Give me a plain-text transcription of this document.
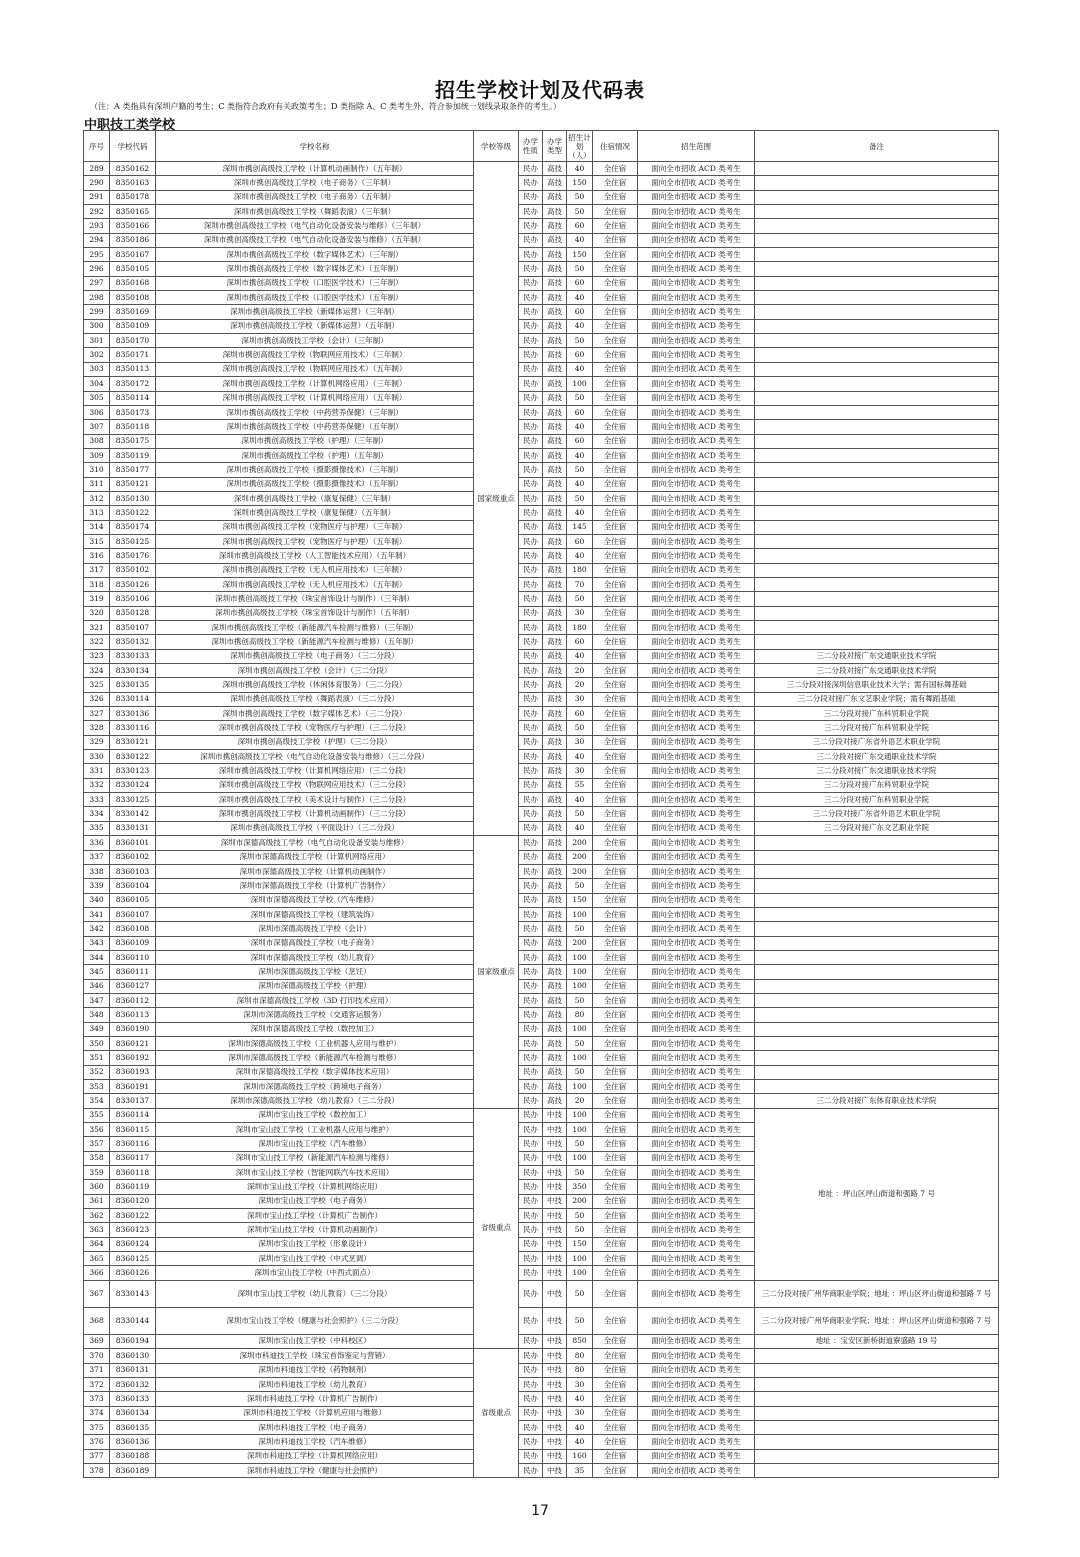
招生学校计划及代码表
（注：A 类指具有深圳户籍的考生；C 类指符合政府有关政策考生；D 类指除 A、C 类考生外，符合参加统一划线录取条件的考生。）
中职技工类学校
序号	学校代码	学校名称	学校等级	办学性质	办学类型	招生计划（人）	住宿情况	招生范围	备注
289	8350162	深圳市携创高级技工学校（计算机动画制作）（五年制）	国家级重点	民办	高技	40	全住宿	面向全市招收 ACD 类考生	
290	8350163	深圳市携创高级技工学校（电子商务）（三年制）		民办	高技	150	全住宿	面向全市招收 ACD 类考生	
291	8350178	深圳市携创高级技工学校（电子商务）（五年制）		民办	高技	50	全住宿	面向全市招收 ACD 类考生	
292	8350165	深圳市携创高级技工学校（舞蹈表演）（三年制）		民办	高技	50	全住宿	面向全市招收 ACD 类考生	
293	8350166	深圳市携创高级技工学校（电气自动化设备安装与维修）（三年制）		民办	高技	60	全住宿	面向全市招收 ACD 类考生	
294	8350186	深圳市携创高级技工学校（电气自动化设备安装与维修）（五年制）		民办	高技	40	全住宿	面向全市招收 ACD 类考生	
295	8350167	深圳市携创高级技工学校（数字媒体艺术）（三年制）		民办	高技	150	全住宿	面向全市招收 ACD 类考生	
296	8350105	深圳市携创高级技工学校（数字媒体艺术）（五年制）		民办	高技	50	全住宿	面向全市招收 ACD 类考生	
297	8350168	深圳市携创高级技工学校（口腔医学技术）（三年制）		民办	高技	60	全住宿	面向全市招收 ACD 类考生	
298	8350108	深圳市携创高级技工学校（口腔医学技术）（五年制）		民办	高技	40	全住宿	面向全市招收 ACD 类考生	
299	8350169	深圳市携创高级技工学校（新媒体运营）（三年制）		民办	高技	60	全住宿	面向全市招收 ACD 类考生	
300	8350109	深圳市携创高级技工学校（新媒体运营）（五年制）		民办	高技	40	全住宿	面向全市招收 ACD 类考生	
301	8350170	深圳市携创高级技工学校（会计）（三年制）		民办	高技	50	全住宿	面向全市招收 ACD 类考生	
302	8350171	深圳市携创高级技工学校（物联网应用技术）（三年制）		民办	高技	60	全住宿	面向全市招收 ACD 类考生	
303	8350113	深圳市携创高级技工学校（物联网应用技术）（五年制）		民办	高技	40	全住宿	面向全市招收 ACD 类考生	
304	8350172	深圳市携创高级技工学校（计算机网络应用）（三年制）		民办	高技	100	全住宿	面向全市招收 ACD 类考生	
305	8350114	深圳市携创高级技工学校（计算机网络应用）（五年制）		民办	高技	50	全住宿	面向全市招收 ACD 类考生	
306	8350173	深圳市携创高级技工学校（中药营养保健）（三年制）		民办	高技	60	全住宿	面向全市招收 ACD 类考生	
307	8350118	深圳市携创高级技工学校（中药营养保健）（五年制）		民办	高技	40	全住宿	面向全市招收 ACD 类考生	
308	8350175	深圳市携创高级技工学校（护理）（三年制）		民办	高技	60	全住宿	面向全市招收 ACD 类考生	
309	8350119	深圳市携创高级技工学校（护理）（五年制）		民办	高技	40	全住宿	面向全市招收 ACD 类考生	
310	8350177	深圳市携创高级技工学校（摄影摄像技术）（三年制）		民办	高技	50	全住宿	面向全市招收 ACD 类考生	
311	8350121	深圳市携创高级技工学校（摄影摄像技术）（五年制）		民办	高技	40	全住宿	面向全市招收 ACD 类考生	
312	8350130	深圳市携创高级技工学校（康复保健）（三年制）		民办	高技	50	全住宿	面向全市招收 ACD 类考生	
313	8350122	深圳市携创高级技工学校（康复保健）（五年制）		民办	高技	40	全住宿	面向全市招收 ACD 类考生	
314	8350174	深圳市携创高级技工学校（宠物医疗与护理）（三年制）		民办	高技	145	全住宿	面向全市招收 ACD 类考生	
315	8350125	深圳市携创高级技工学校（宠物医疗与护理）（五年制）		民办	高技	60	全住宿	面向全市招收 ACD 类考生	
316	8350176	深圳市携创高级技工学校（人工智能技术应用）（五年制）		民办	高技	40	全住宿	面向全市招收 ACD 类考生	
317	8350102	深圳市携创高级技工学校（无人机应用技术）（三年制）		民办	高技	180	全住宿	面向全市招收 ACD 类考生	
318	8350126	深圳市携创高级技工学校（无人机应用技术）（五年制）		民办	高技	70	全住宿	面向全市招收 ACD 类考生	
319	8350106	深圳市携创高级技工学校（珠宝首饰设计与制作）（三年制）		民办	高技	50	全住宿	面向全市招收 ACD 类考生	
320	8350128	深圳市携创高级技工学校（珠宝首饰设计与制作）（五年制）		民办	高技	30	全住宿	面向全市招收 ACD 类考生	
321	8350107	深圳市携创高级技工学校（新能源汽车检测与维修）（三年制）		民办	高技	180	全住宿	面向全市招收 ACD 类考生	
322	8350132	深圳市携创高级技工学校（新能源汽车检测与维修）（五年制）		民办	高技	60	全住宿	面向全市招收 ACD 类考生	
323	8330133	深圳市携创高级技工学校（电子商务）（三二分段）		民办	高技	40	全住宿	面向全市招收 ACD 类考生	三二分段对接广东交通职业技术学院
324	8330134	深圳市携创高级技工学校（会计）（三二分段）		民办	高技	20	全住宿	面向全市招收 ACD 类考生	三二分段对接广东交通职业技术学院
325	8330135	深圳市携创高级技工学校（休闲体育服务）（三二分段）		民办	高技	20	全住宿	面向全市招收 ACD 类考生	三二分段对接深圳信息职业技术大学；需有国标舞基础
326	8330114	深圳市携创高级技工学校（舞蹈表演）（三二分段）		民办	高技	30	全住宿	面向全市招收 ACD 类考生	三二分段对接广东文艺职业学院；需有舞蹈基础
327	8330136	深圳市携创高级技工学校（数字媒体艺术）（三二分段）		民办	高技	60	全住宿	面向全市招收 ACD 类考生	三二分段对接广东科贸职业学院
328	8330116	深圳市携创高级技工学校（宠物医疗与护理）（三二分段）		民办	高技	50	全住宿	面向全市招收 ACD 类考生	三二分段对接广东科贸职业学院
329	8330121	深圳市携创高级技工学校（护理）（三二分段）		民办	高技	30	全住宿	面向全市招收 ACD 类考生	三二分段对接广东省外语艺术职业学院
330	8330122	深圳市携创高级技工学校（电气自动化设备安装与维修）（三二分段）		民办	高技	40	全住宿	面向全市招收 ACD 类考生	三二分段对接广东交通职业技术学院
331	8330123	深圳市携创高级技工学校（计算机网络应用）（三二分段）		民办	高技	30	全住宿	面向全市招收 ACD 类考生	三二分段对接广东交通职业技术学院
332	8330124	深圳市携创高级技工学校（物联网应用技术）（三二分段）		民办	高技	55	全住宿	面向全市招收 ACD 类考生	三二分段对接广东科贸职业学院
333	8330125	深圳市携创高级技工学校（美术设计与制作）（三二分段）		民办	高技	40	全住宿	面向全市招收 ACD 类考生	三二分段对接广东科贸职业学院
334	8330142	深圳市携创高级技工学校（计算机动画制作）（三二分段）		民办	高技	50	全住宿	面向全市招收 ACD 类考生	三二分段对接广东省外语艺术职业学院
335	8330131	深圳市携创高级技工学校（平面设计）（三二分段）		民办	高技	40	全住宿	面向全市招收 ACD 类考生	三二分段对接广东文艺职业学院
336	8360101	深圳市深德高级技工学校（电气自动化设备安装与维修）	国家级重点	民办	高技	200	全住宿	面向全市招收 ACD 类考生	
337	8360102	深圳市深德高级技工学校（计算机网络应用）		民办	高技	200	全住宿	面向全市招收 ACD 类考生	
338	8360103	深圳市深德高级技工学校（计算机动画制作）		民办	高技	200	全住宿	面向全市招收 ACD 类考生	
339	8360104	深圳市深德高级技工学校（计算机广告制作）		民办	高技	50	全住宿	面向全市招收 ACD 类考生	
340	8360105	深圳市深德高级技工学校（汽车维修）		民办	高技	150	全住宿	面向全市招收 ACD 类考生	
341	8360107	深圳市深德高级技工学校（建筑装饰）		民办	高技	100	全住宿	面向全市招收 ACD 类考生	
342	8360108	深圳市深德高级技工学校（会计）		民办	高技	50	全住宿	面向全市招收 ACD 类考生	
343	8360109	深圳市深德高级技工学校（电子商务）		民办	高技	200	全住宿	面向全市招收 ACD 类考生	
344	8360110	深圳市深德高级技工学校（幼儿教育）		民办	高技	100	全住宿	面向全市招收 ACD 类考生	
345	8360111	深圳市深德高级技工学校（烹饪）		民办	高技	100	全住宿	面向全市招收 ACD 类考生	
346	8360127	深圳市深德高级技工学校（护理）		民办	高技	100	全住宿	面向全市招收 ACD 类考生	
347	8360112	深圳市深德高级技工学校（3D 打印技术应用）		民办	高技	50	全住宿	面向全市招收 ACD 类考生	
348	8360113	深圳市深德高级技工学校（交通客运服务）		民办	高技	80	全住宿	面向全市招收 ACD 类考生	
349	8360190	深圳市深德高级技工学校（数控加工）		民办	高技	100	全住宿	面向全市招收 ACD 类考生	
350	8360121	深圳市深德高级技工学校（工业机器人应用与维护）		民办	高技	50	全住宿	面向全市招收 ACD 类考生	
351	8360192	深圳市深德高级技工学校（新能源汽车检测与维修）		民办	高技	100	全住宿	面向全市招收 ACD 类考生	
352	8360193	深圳市深德高级技工学校（数字媒体技术应用）		民办	高技	50	全住宿	面向全市招收 ACD 类考生	
353	8360191	深圳市深德高级技工学校（跨境电子商务）		民办	高技	100	全住宿	面向全市招收 ACD 类考生	
354	8330137	深圳市深德高级技工学校（幼儿教育）（三二分段）		民办	高技	20	全住宿	面向全市招收 ACD 类考生	三二分段对接广东体育职业技术学院
355	8360114	深圳市宝山技工学校（数控加工）	省级重点	民办	中技	100	全住宿	面向全市招收 ACD 类考生	地址 ：坪山区坪山街道和强路 7 号
356	8360115	深圳市宝山技工学校（工业机器人应用与维护）		民办	中技	100	全住宿	面向全市招收 ACD 类考生	
357	8360116	深圳市宝山技工学校（汽车维修）		民办	中技	50	全住宿	面向全市招收 ACD 类考生	
358	8360117	深圳市宝山技工学校（新能源汽车检测与维修）		民办	中技	100	全住宿	面向全市招收 ACD 类考生	
359	8360118	深圳市宝山技工学校（智能网联汽车技术应用）		民办	中技	50	全住宿	面向全市招收 ACD 类考生	
360	8360119	深圳市宝山技工学校（计算机网络应用）		民办	中技	350	全住宿	面向全市招收 ACD 类考生	
361	8360120	深圳市宝山技工学校（电子商务）		民办	中技	200	全住宿	面向全市招收 ACD 类考生	
362	8360122	深圳市宝山技工学校（计算机广告制作）		民办	中技	50	全住宿	面向全市招收 ACD 类考生	
363	8360123	深圳市宝山技工学校（计算机动画制作）		民办	中技	50	全住宿	面向全市招收 ACD 类考生	
364	8360124	深圳市宝山技工学校（形象设计）		民办	中技	150	全住宿	面向全市招收 ACD 类考生	
365	8360125	深圳市宝山技工学校（中式烹调）		民办	中技	100	全住宿	面向全市招收 ACD 类考生	
366	8360126	深圳市宝山技工学校（中西式面点）		民办	中技	100	全住宿	面向全市招收 ACD 类考生	
367	8330143	深圳市宝山技工学校（幼儿教育）（三二分段）		民办	中技	50	全住宿	面向全市招收 ACD 类考生	三二分段对接广州华商职业学院；地址 ：坪山区坪山街道和强路 7 号
368	8330144	深圳市宝山技工学校（健康与社会照护）（三二分段）		民办	中技	50	全住宿	面向全市招收 ACD 类考生	三二分段对接广州华商职业学院；地址 ：坪山区坪山街道和强路 7 号
369	8360194	深圳市宝山技工学校（中科校区）		民办	中技	850	全住宿	面向全市招收 ACD 类考生	地址 ：宝安区新桥街道寮盛路 19 号
370	8360130	深圳市科迪技工学校（珠宝首饰鉴定与营销）	省级重点	民办	中技	80	全住宿	面向全市招收 ACD 类考生	
371	8360131	深圳市科迪技工学校（药物制剂）		民办	中技	80	全住宿	面向全市招收 ACD 类考生	
372	8360132	深圳市科迪技工学校（幼儿教育）		民办	中技	30	全住宿	面向全市招收 ACD 类考生	
373	8360133	深圳市科迪技工学校（计算机广告制作）		民办	中技	40	全住宿	面向全市招收 ACD 类考生	
374	8360134	深圳市科迪技工学校（计算机应用与维修）		民办	中技	30	全住宿	面向全市招收 ACD 类考生	
375	8360135	深圳市科迪技工学校（电子商务）		民办	中技	40	全住宿	面向全市招收 ACD 类考生	
376	8360136	深圳市科迪技工学校（汽车维修）		民办	中技	40	全住宿	面向全市招收 ACD 类考生	
377	8360188	深圳市科迪技工学校（计算机网络应用）		民办	中技	160	全住宿	面向全市招收 ACD 类考生	
378	8360189	深圳市科迪技工学校（健康与社会照护）		民办	中技	35	全住宿	面向全市招收 ACD 类考生	
17
